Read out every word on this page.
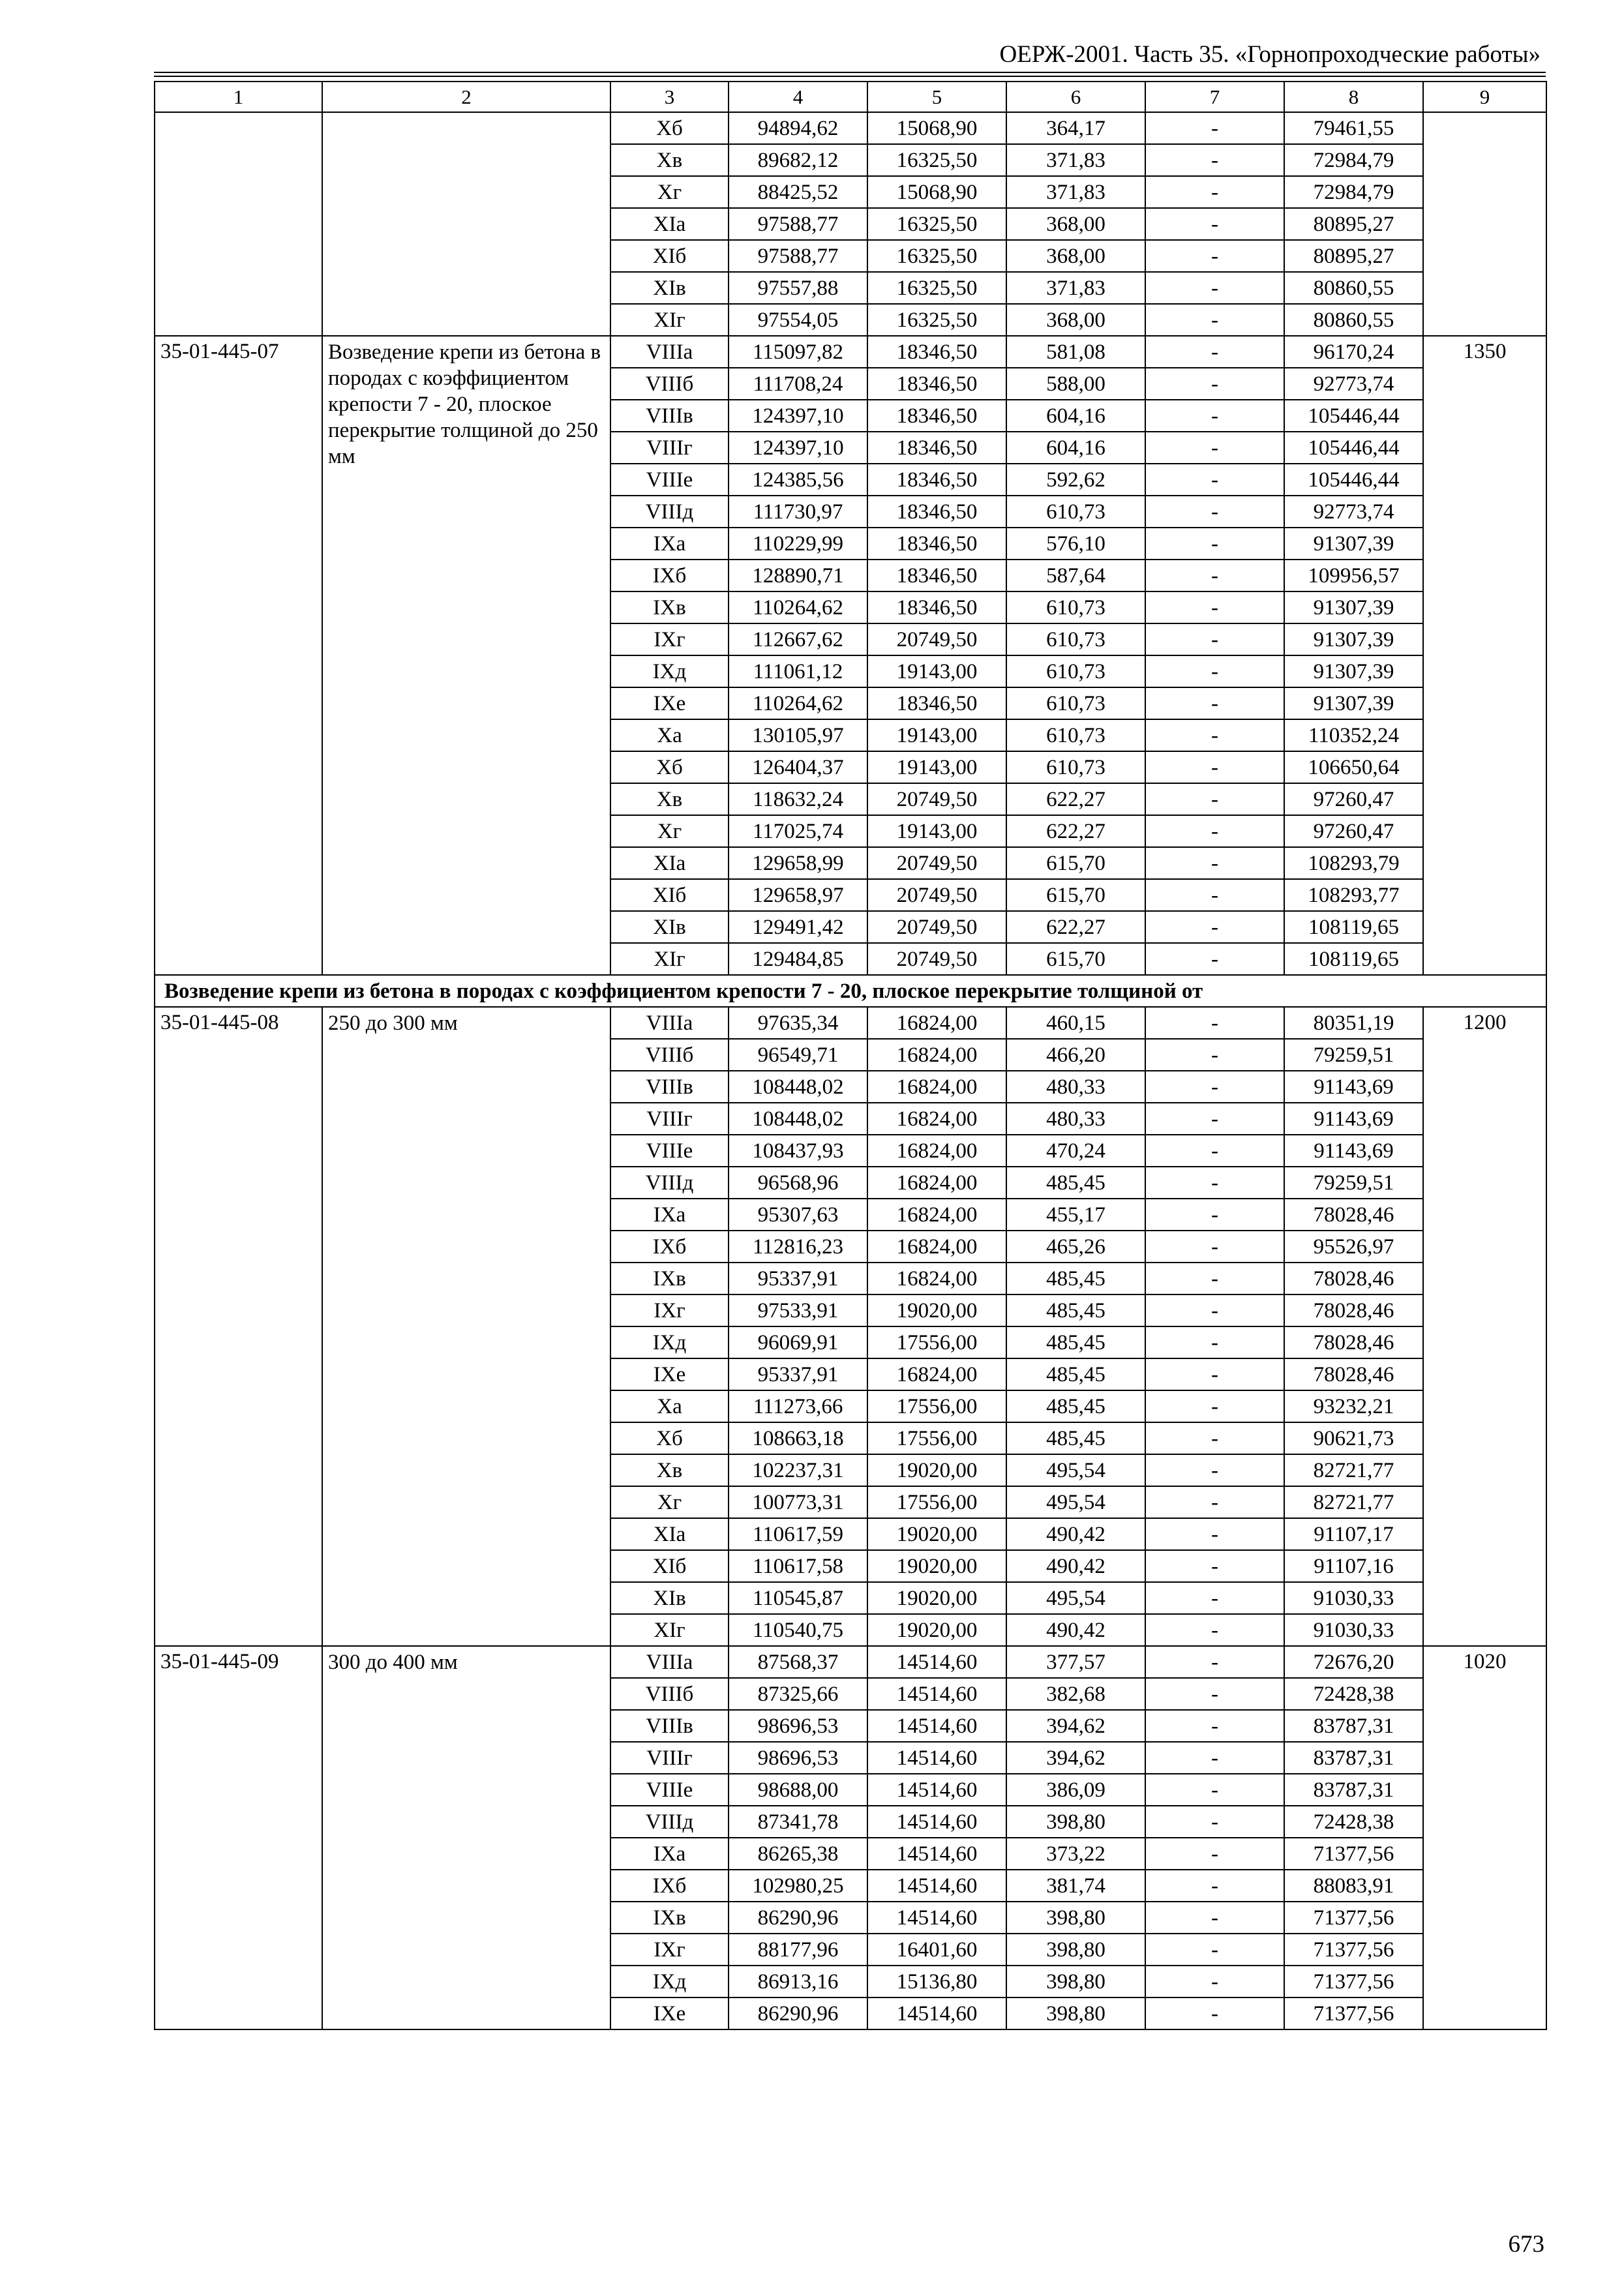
ОЕРЖ-2001. Часть 35. «Горнопроходческие работы»
1	2	3	4	5	6	7	8	9
		Xб	94894,62	15068,90	364,17	-	79461,55	
		Xв	89682,12	16325,50	371,83	-	72984,79	
		Xг	88425,52	15068,90	371,83	-	72984,79	
		XIа	97588,77	16325,50	368,00	-	80895,27	
		XIб	97588,77	16325,50	368,00	-	80895,27	
		XIв	97557,88	16325,50	371,83	-	80860,55	
		XIг	97554,05	16325,50	368,00	-	80860,55	
35-01-445-07	Возведение крепи из бетона в породах с коэффициентом крепости 7 - 20, плоское перекрытие толщиной до 250 мм	VIIIа	115097,82	18346,50	581,08	-	96170,24	1350
		VIIIб	111708,24	18346,50	588,00	-	92773,74	
		VIIIв	124397,10	18346,50	604,16	-	105446,44	
		VIIIг	124397,10	18346,50	604,16	-	105446,44	
		VIIIе	124385,56	18346,50	592,62	-	105446,44	
		VIIIд	111730,97	18346,50	610,73	-	92773,74	
		IXа	110229,99	18346,50	576,10	-	91307,39	
		IXб	128890,71	18346,50	587,64	-	109956,57	
		IXв	110264,62	18346,50	610,73	-	91307,39	
		IXг	112667,62	20749,50	610,73	-	91307,39	
		IXд	111061,12	19143,00	610,73	-	91307,39	
		IXе	110264,62	18346,50	610,73	-	91307,39	
		Xа	130105,97	19143,00	610,73	-	110352,24	
		Xб	126404,37	19143,00	610,73	-	106650,64	
		Xв	118632,24	20749,50	622,27	-	97260,47	
		Xг	117025,74	19143,00	622,27	-	97260,47	
		XIа	129658,99	20749,50	615,70	-	108293,79	
		XIб	129658,97	20749,50	615,70	-	108293,77	
		XIв	129491,42	20749,50	622,27	-	108119,65	
		XIг	129484,85	20749,50	615,70	-	108119,65	
Возведение крепи из бетона в породах с коэффициентом крепости 7 - 20, плоское перекрытие толщиной от								
35-01-445-08	250 до 300 мм	VIIIа	97635,34	16824,00	460,15	-	80351,19	1200
		VIIIб	96549,71	16824,00	466,20	-	79259,51	
		VIIIв	108448,02	16824,00	480,33	-	91143,69	
		VIIIг	108448,02	16824,00	480,33	-	91143,69	
		VIIIе	108437,93	16824,00	470,24	-	91143,69	
		VIIIд	96568,96	16824,00	485,45	-	79259,51	
		IXа	95307,63	16824,00	455,17	-	78028,46	
		IXб	112816,23	16824,00	465,26	-	95526,97	
		IXв	95337,91	16824,00	485,45	-	78028,46	
		IXг	97533,91	19020,00	485,45	-	78028,46	
		IXд	96069,91	17556,00	485,45	-	78028,46	
		IXе	95337,91	16824,00	485,45	-	78028,46	
		Xа	111273,66	17556,00	485,45	-	93232,21	
		Xб	108663,18	17556,00	485,45	-	90621,73	
		Xв	102237,31	19020,00	495,54	-	82721,77	
		Xг	100773,31	17556,00	495,54	-	82721,77	
		XIа	110617,59	19020,00	490,42	-	91107,17	
		XIб	110617,58	19020,00	490,42	-	91107,16	
		XIв	110545,87	19020,00	495,54	-	91030,33	
		XIг	110540,75	19020,00	490,42	-	91030,33	
35-01-445-09	300 до 400 мм	VIIIа	87568,37	14514,60	377,57	-	72676,20	1020
		VIIIб	87325,66	14514,60	382,68	-	72428,38	
		VIIIв	98696,53	14514,60	394,62	-	83787,31	
		VIIIг	98696,53	14514,60	394,62	-	83787,31	
		VIIIе	98688,00	14514,60	386,09	-	83787,31	
		VIIIд	87341,78	14514,60	398,80	-	72428,38	
		IXа	86265,38	14514,60	373,22	-	71377,56	
		IXб	102980,25	14514,60	381,74	-	88083,91	
		IXв	86290,96	14514,60	398,80	-	71377,56	
		IXг	88177,96	16401,60	398,80	-	71377,56	
		IXд	86913,16	15136,80	398,80	-	71377,56	
		IXе	86290,96	14514,60	398,80	-	71377,56	
673
